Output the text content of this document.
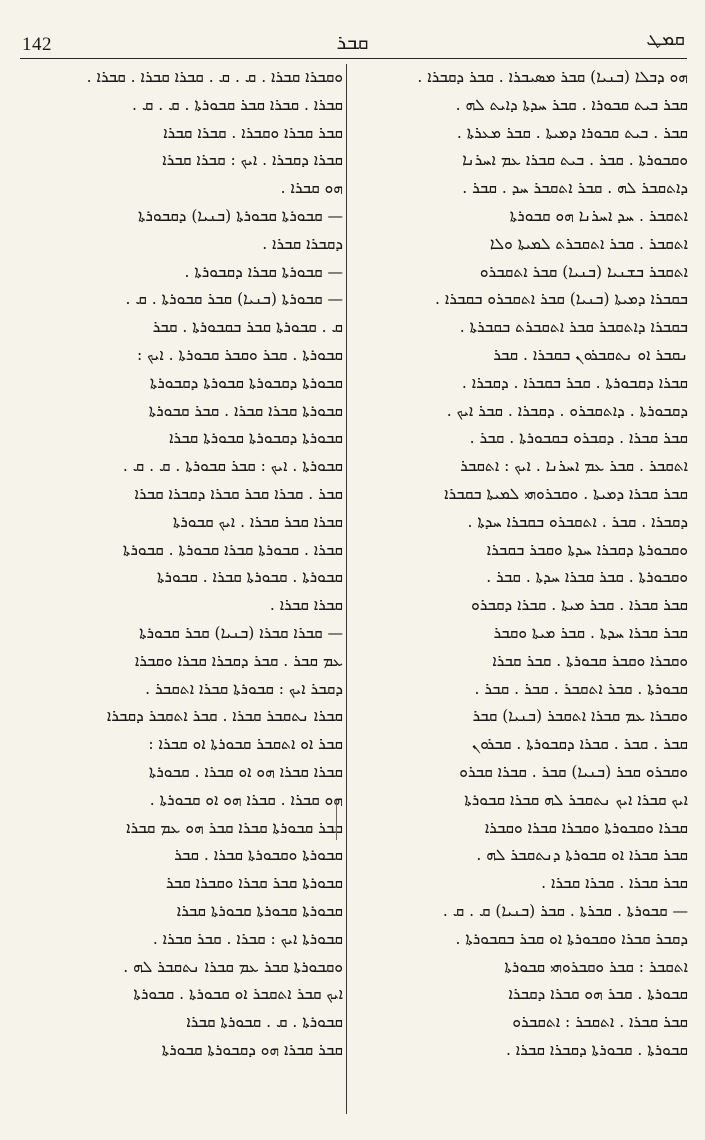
142	ܩܒܪ	ܩܡܛ
ܗܘ ܕܒܠܐ (ܒܢܝܐ) ܩܒܪ ܡܣܝܒܪܐ . ܩܒܪ ܕܩܒܪܐ .
ܩܒܪ ܒܝܬ ܩܒܘܪܐ . ܩܒܪ ܚܕܬܐ ܕܐܝܬ ܠܗ .
ܩܒܪ . ܒܝܬ ܩܒܘܪܐ ܕܡܝܬܐ . ܩܒܪ ܡܥܪܬܐ .
ܘܩܒܘܪܬܐ . ܩܒܪ . ܒܝܬ ܩܒܪܐ ܥܡ ܐܚܪܢܐ
ܕܐܬܩܒܪ ܠܗ . ܩܒܪ ܐܬܩܒܪ ܚܕ . ܩܒܪ .
ܐܬܩܒܪ . ܚܕ ܐܚܪܢܐ ܗܘ ܩܒܘܪܬܐ
ܐܬܩܒܪ . ܩܒܪ ܐܬܩܒܪܬ ܠܡܝܬܐ ܘܠܐ
ܐܬܩܒܪ ܒܫܢܝܐ (ܒܢܝܐ) ܩܒܪ ܐܬܩܒܪܘ
ܒܩܒܪܐ ܕܡܝܬܐ (ܒܢܝܐ) ܩܒܪ ܐܬܩܒܪܘ ܒܩܒܪܐ .
ܒܩܒܪܐ ܕܐܬܩܒܪ ܩܒܪ ܐܬܩܒܪܬ ܒܩܒܪܬܐ .
ܢܩܒܪ ܐܘ ܢܬܩܒܪܘܢ ܒܩܒܪܐ . ܩܒܪ
ܩܒܪܐ ܕܩܒܘܪܬܐ . ܩܒܪ ܒܩܒܪܐ . ܕܩܒܪܐ .
ܕܩܒܘܪܬܐ . ܕܐܬܩܒܪܘ . ܕܩܒܪܐ . ܩܒܪ ܐܝܟ .
ܩܒܪ ܩܒܪܐ . ܕܩܒܪܘ ܒܩܒܘܪܬܐ . ܩܒܪ .
ܐܬܩܒܪ . ܩܒܪ ܥܡ ܐܚܪܢܐ . ܐܝܟ : ܐܬܩܒܪ
ܩܒܪ ܩܒܪܐ ܕܡܝܬܐ . ܘܩܒܪܘܗܝ ܠܡܝܬܐ ܒܩܒܪܐ
ܕܩܒܪܐ . ܩܒܪ . ܐܬܩܒܪܘ ܒܩܒܪܐ ܚܕܬܐ .
ܘܩܒܘܪܬܐ ܕܩܒܪܐ ܚܕܬܐ ܘܩܒܪ ܒܩܒܪܐ
ܘܩܒܘܪܬܐ . ܩܒܪ ܩܒܪܐ ܚܕܬܐ . ܩܒܪ .
ܩܒܪ ܩܒܪܐ . ܩܒܪ ܡܝܬܐ . ܩܒܪܐ ܕܩܒܪܘ
ܩܒܪ ܩܒܪܐ ܚܕܬܐ . ܩܒܪ ܡܝܬܐ ܘܩܒܪ
ܘܩܒܪܐ ܘܩܒܪ ܩܒܘܪܬܐ . ܩܒܪ ܩܒܪܐ
ܩܒܘܪܬܐ . ܩܒܪ ܐܬܩܒܪ . ܩܒܪ . ܩܒܪ .
ܘܩܒܪܐ ܥܡ ܩܒܪܐ ܐܬܩܒܪ (ܒܢܝܐ) ܩܒܪ
ܩܒܪ . ܩܒܪ . ܩܒܪܐ ܕܩܒܘܪܬܐ . ܩܒܪܘܢ
ܘܩܒܪܘ ܩܒܪ (ܒܢܝܐ) ܩܒܪ . ܩܒܪܐ ܩܒܪܘ
ܐܝܟ ܩܒܪܐ ܐܝܟ ܢܬܩܒܪ ܠܗ ܩܒܪܐ ܩܒܘܪܬܐ
ܩܒܪܐ ܘܩܒܘܪܬܐ ܘܩܒܪܐ ܩܒܪܐ ܘܩܒܪܐ
ܩܒܪ ܩܒܪܐ ܐܘ ܩܒܘܪܬܐ ܕܢܬܩܒܪ ܠܗ .
ܩܒܪ ܩܒܪܐ . ܩܒܪܐ ܩܒܪܐ .
— ܩܒܘܪܬܐ . ܩܒܪܬܐ . ܩܒܪ (ܒܢܝܐ) ܩ . ܩ .
ܕܩܒܪ ܩܒܪܐ ܘܩܒܘܪܬܐ ܐܘ ܩܒܪ ܒܩܒܘܪܬܐ .
ܐܬܩܒܪ : ܩܒܪ ܘܩܒܪܘܗܝ ܩܒܘܪܬܐ
ܩܒܘܪܬܐ . ܩܒܪ ܗܘ ܩܒܪܐ ܕܩܒܪܐ
ܩܒܪ ܩܒܪܐ . ܐܬܩܒܪ : ܐܬܩܒܪܘ
ܩܒܘܪܬܐ . ܩܒܘܪܬܐ ܕܩܒܪܐ ܩܒܪܐ .
ܘܩܒܪܐ ܩܒܪܐ . ܩ . ܩ . ܩܒܪܐ ܩܒܪܐ . ܩܒܪܐ .
ܩܒܪܐ . ܩܒܪܐ ܩܒܪ ܩܒܘܪܬܐ . ܩ . ܩ .
ܩܒܪ ܩܒܪܐ ܘܩܒܪܐ . ܩܒܪܐ ܩܒܪܐ
ܩܒܪܐ ܕܩܒܪܐ . ܐܝܟ : ܩܒܪܐ ܩܒܪܐ
ܗܘ ܩܒܪܐ .
— ܩܒܘܪܬܐ ܩܒܘܪܬܐ (ܒܢܝܐ) ܕܩܒܘܪܬܐ
ܕܩܒܪܐ ܩܒܪܐ .
— ܩܒܘܪܬܐ ܩܒܪܐ ܕܩܒܘܪܬܐ .
— ܩܒܘܪܬܐ (ܒܢܝܐ) ܩܒܪ ܩܒܘܪܬܐ . ܩ .
ܩ . ܩܒܘܪܬܐ ܩܒܪ ܒܩܒܘܪܬܐ . ܩܒܪ
ܩܒܘܪܬܐ . ܩܒܪ ܘܩܒܪ ܩܒܘܪܬܐ . ܐܝܟ :
ܩܒܘܪܬܐ ܕܩܒܘܪܬܐ ܩܒܘܪܬܐ ܕܩܒܘܪܬܐ
ܩܒܘܪܬܐ ܩܒܪܐ ܩܒܪܐ . ܩܒܪ ܩܒܘܪܬܐ
ܩܒܘܪܬܐ ܕܩܒܘܪܬܐ ܩܒܘܪܬܐ ܩܒܪܐ
ܩܒܘܪܬܐ . ܐܝܟ : ܩܒܪ ܩܒܘܪܬܐ . ܩ . ܩ .
ܩܒܪ . ܩܒܪܐ ܩܒܪ ܩܒܪܐ ܕܩܒܪܐ ܩܒܪܐ
ܩܒܪܐ ܩܒܪ ܩܒܪܐ . ܐܝܟ ܩܒܘܪܬܐ
ܩܒܪܐ . ܩܒܘܪܬܐ ܩܒܪܐ ܩܒܘܪܬܐ . ܩܒܘܪܬܐ
ܩܒܘܪܬܐ . ܩܒܘܪܬܐ ܩܒܪܐ . ܩܒܘܪܬܐ
ܩܒܪܐ ܩܒܪܐ .
— ܩܒܪܐ ܩܒܪܐ (ܒܢܝܐ) ܩܒܪ ܩܒܘܪܬܐ
ܥܡ ܩܒܪ . ܩܒܪ ܕܩܒܪܐ ܩܒܪܐ ܘܩܒܪܐ
ܕܩܒܪ ܐܝܟ : ܩܒܘܪܬܐ ܩܒܪܐ ܐܬܩܒܪ .
ܩܒܪܐ ܢܬܩܒܪ ܩܒܪܐ . ܩܒܪ ܐܬܩܒܪ ܕܩܒܪܐ
ܩܒܪ ܐܘ ܐܬܩܒܪ ܩܒܘܪܬܐ ܐܘ ܩܒܪܐ :
ܩܒܪܐ ܩܒܪܐ ܗܘ ܐܘ ܩܒܪܐ . ܩܒܘܪܬܐ
ܗܘ ܩܒܪܐ . ܩܒܪܐ ܗܘ ܐܘ ܩܒܘܪܬܐ .
ܩܒܪ ܩܒܘܪܬܐ ܩܒܪܐ ܩܒܪ ܗܘ ܥܡ ܩܒܪܐ
ܩܒܘܪܬܐ ܘܩܒܘܪܬܐ ܩܒܪܐ . ܩܒܪ
ܩܒܘܪܬܐ ܩܒܪ ܩܒܪܐ ܘܩܒܪܐ ܩܒܪ
ܩܒܘܪܬܐ ܩܒܘܪܬܐ ܩܒܘܪܬܐ ܩܒܪܐ
ܩܒܘܪܬܐ ܐܝܟ : ܩܒܪܐ . ܩܒܪ ܩܒܪܐ .
ܘܩܒܘܪܬܐ ܩܒܪ ܥܡ ܩܒܪܐ ܢܬܩܒܪ ܠܗ .
ܐܝܟ ܩܒܪ ܐܬܩܒܪ ܐܘ ܩܒܘܪܬܐ . ܩܒܘܪܬܐ
ܩܒܘܪܬܐ . ܩ . ܩܒܘܪܬܐ ܩܒܪܐ
ܩܒܪ ܩܒܪܐ ܗܘ ܕܩܒܘܪܬܐ ܩܒܘܪܬܐ
